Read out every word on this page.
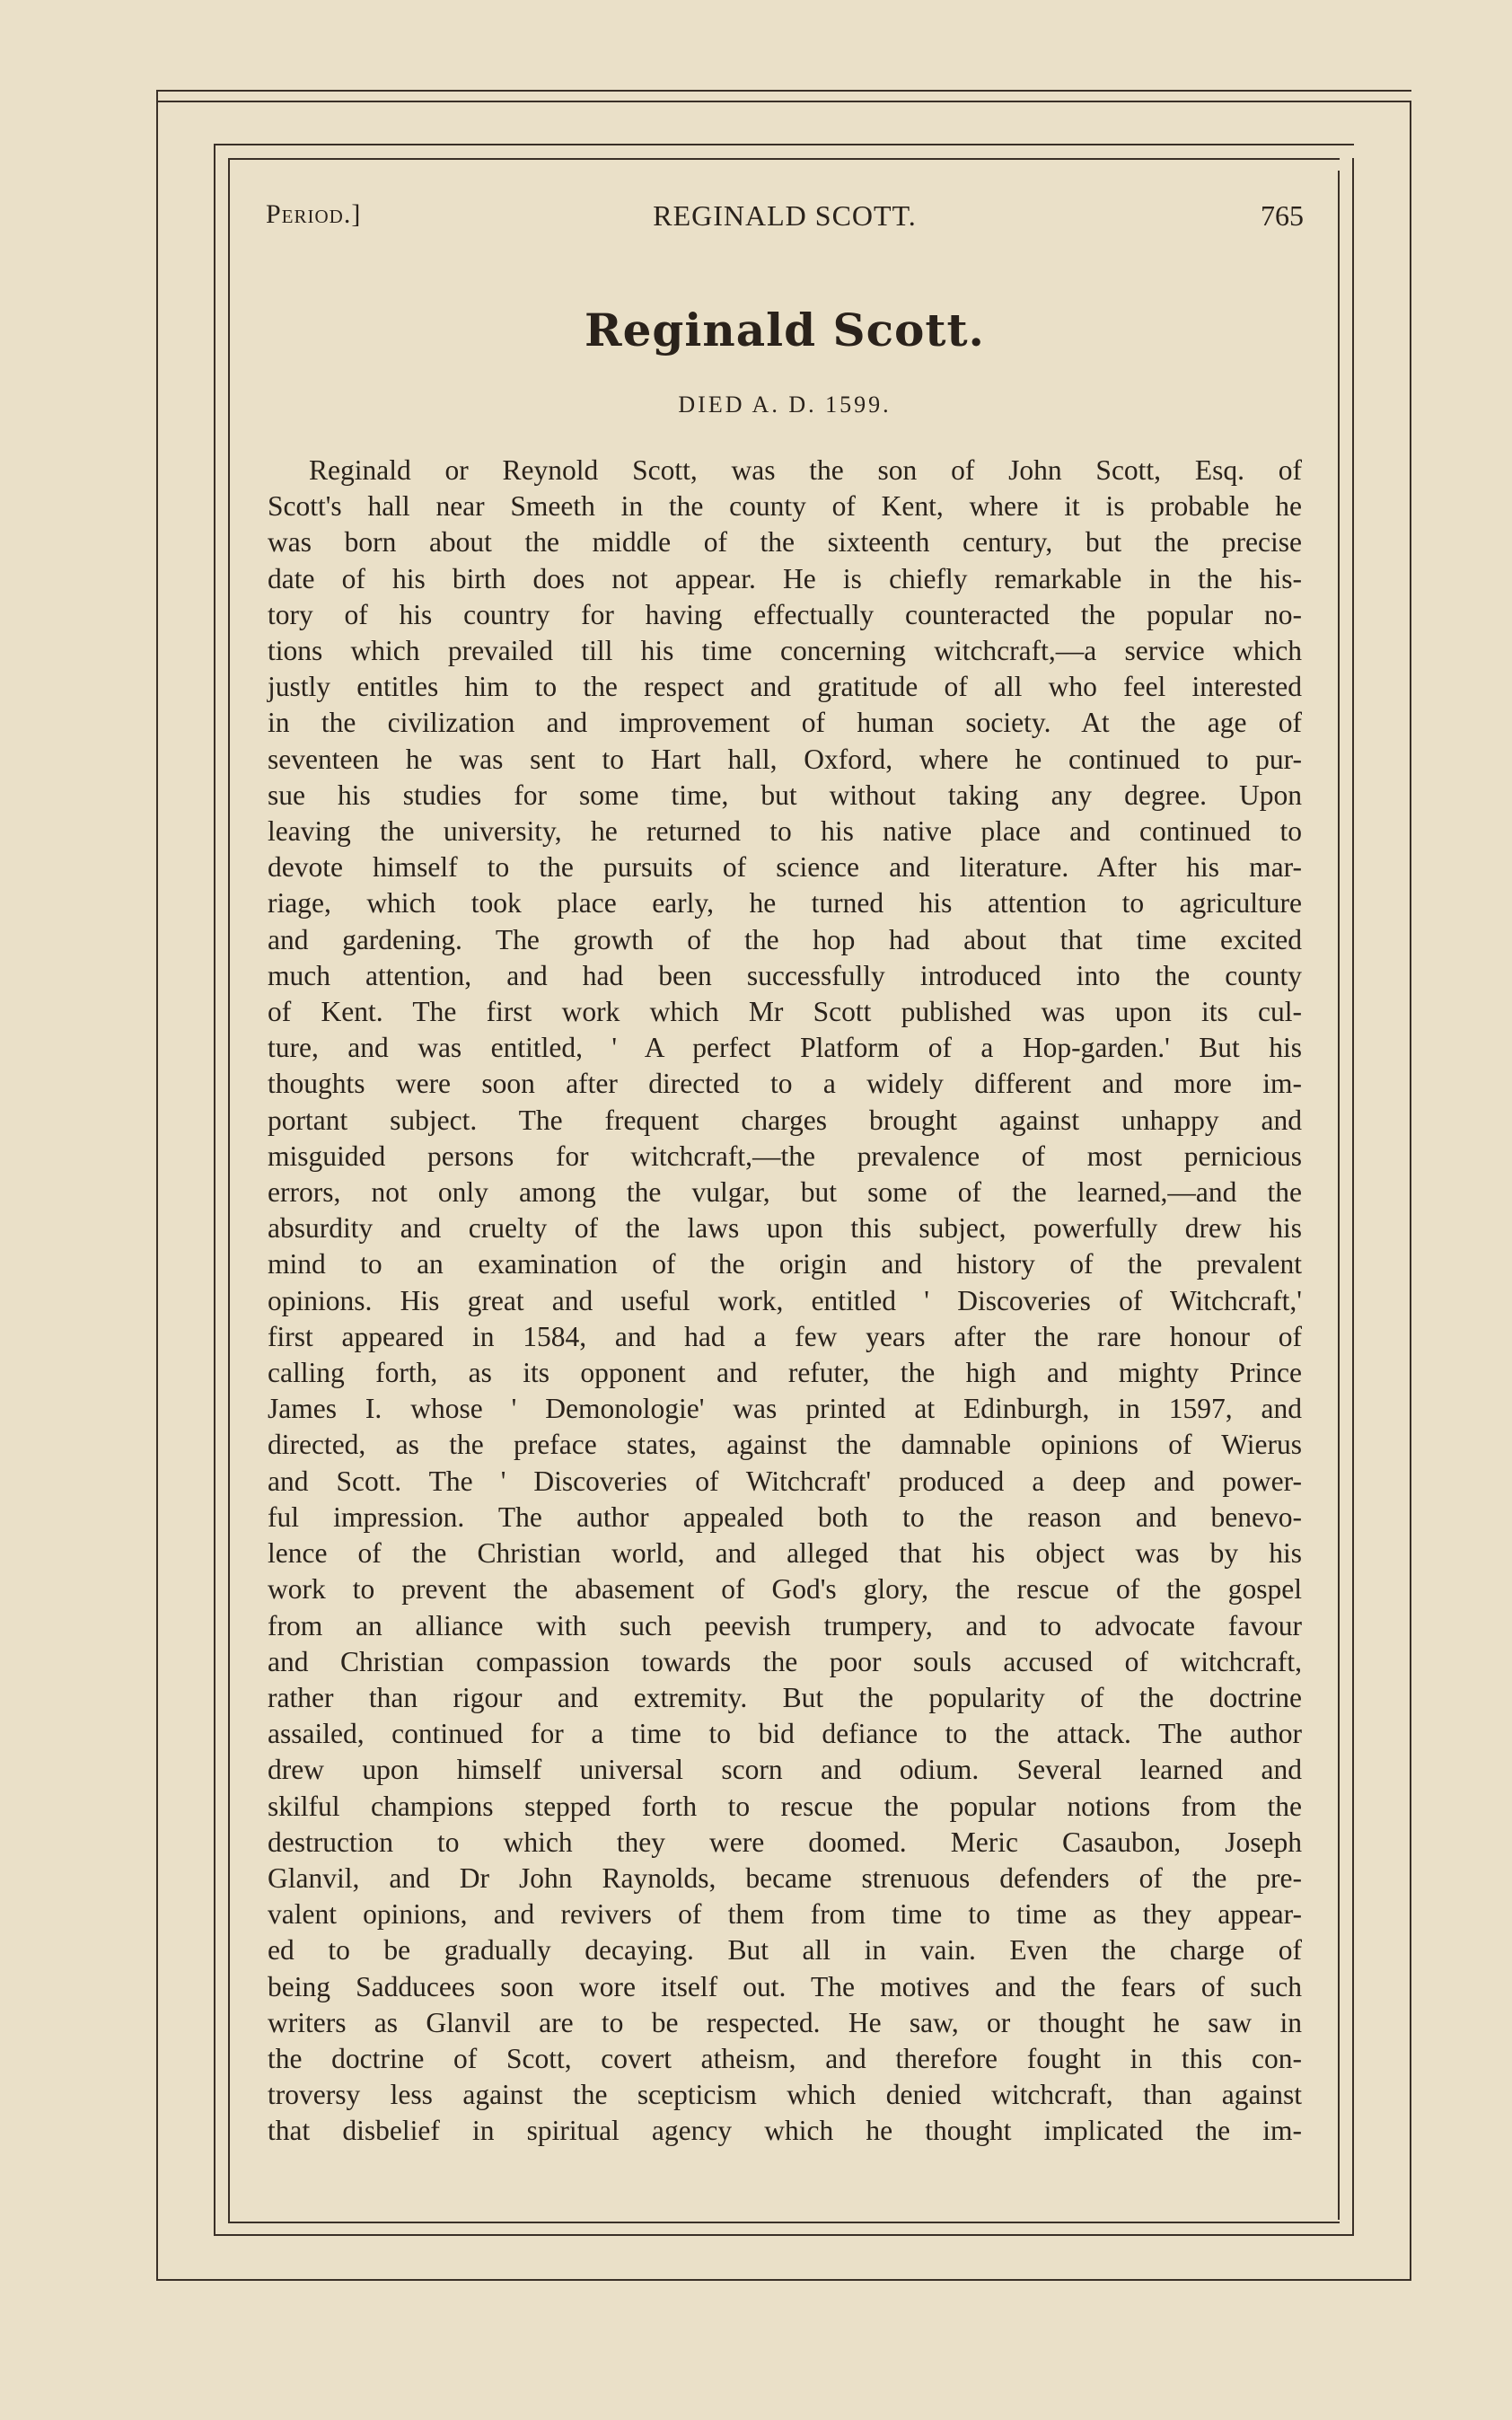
Period.]	REGINALD SCOTT.	765
Reginald Scott.
DIED A. D. 1599.
Reginald or Reynold Scott, was the son of John Scott, Esq. of
Scott's hall near Smeeth in the county of Kent, where it is probable he
was born about the middle of the sixteenth century, but the precise
date of his birth does not appear. He is chiefly remarkable in the his-
tory of his country for having effectually counteracted the popular no-
tions which prevailed till his time concerning witchcraft,—a service which
justly entitles him to the respect and gratitude of all who feel interested
in the civilization and improvement of human society. At the age of
seventeen he was sent to Hart hall, Oxford, where he continued to pur-
sue his studies for some time, but without taking any degree. Upon
leaving the university, he returned to his native place and continued to
devote himself to the pursuits of science and literature. After his mar-
riage, which took place early, he turned his attention to agriculture
and gardening. The growth of the hop had about that time excited
much attention, and had been successfully introduced into the county
of Kent. The first work which Mr Scott published was upon its cul-
ture, and was entitled, ' A perfect Platform of a Hop-garden.' But his
thoughts were soon after directed to a widely different and more im-
portant subject. The frequent charges brought against unhappy and
misguided persons for witchcraft,—the prevalence of most pernicious
errors, not only among the vulgar, but some of the learned,—and the
absurdity and cruelty of the laws upon this subject, powerfully drew his
mind to an examination of the origin and history of the prevalent
opinions. His great and useful work, entitled ' Discoveries of Witchcraft,'
first appeared in 1584, and had a few years after the rare honour of
calling forth, as its opponent and refuter, the high and mighty Prince
James I. whose ' Demonologie' was printed at Edinburgh, in 1597, and
directed, as the preface states, against the damnable opinions of Wierus
and Scott. The ' Discoveries of Witchcraft' produced a deep and power-
ful impression. The author appealed both to the reason and benevo-
lence of the Christian world, and alleged that his object was by his
work to prevent the abasement of God's glory, the rescue of the gospel
from an alliance with such peevish trumpery, and to advocate favour
and Christian compassion towards the poor souls accused of witchcraft,
rather than rigour and extremity. But the popularity of the doctrine
assailed, continued for a time to bid defiance to the attack. The author
drew upon himself universal scorn and odium. Several learned and
skilful champions stepped forth to rescue the popular notions from the
destruction to which they were doomed. Meric Casaubon, Joseph
Glanvil, and Dr John Raynolds, became strenuous defenders of the pre-
valent opinions, and revivers of them from time to time as they appear-
ed to be gradually decaying. But all in vain. Even the charge of
being Sadducees soon wore itself out. The motives and the fears of such
writers as Glanvil are to be respected. He saw, or thought he saw in
the doctrine of Scott, covert atheism, and therefore fought in this con-
troversy less against the scepticism which denied witchcraft, than against
that disbelief in spiritual agency which he thought implicated the im-
